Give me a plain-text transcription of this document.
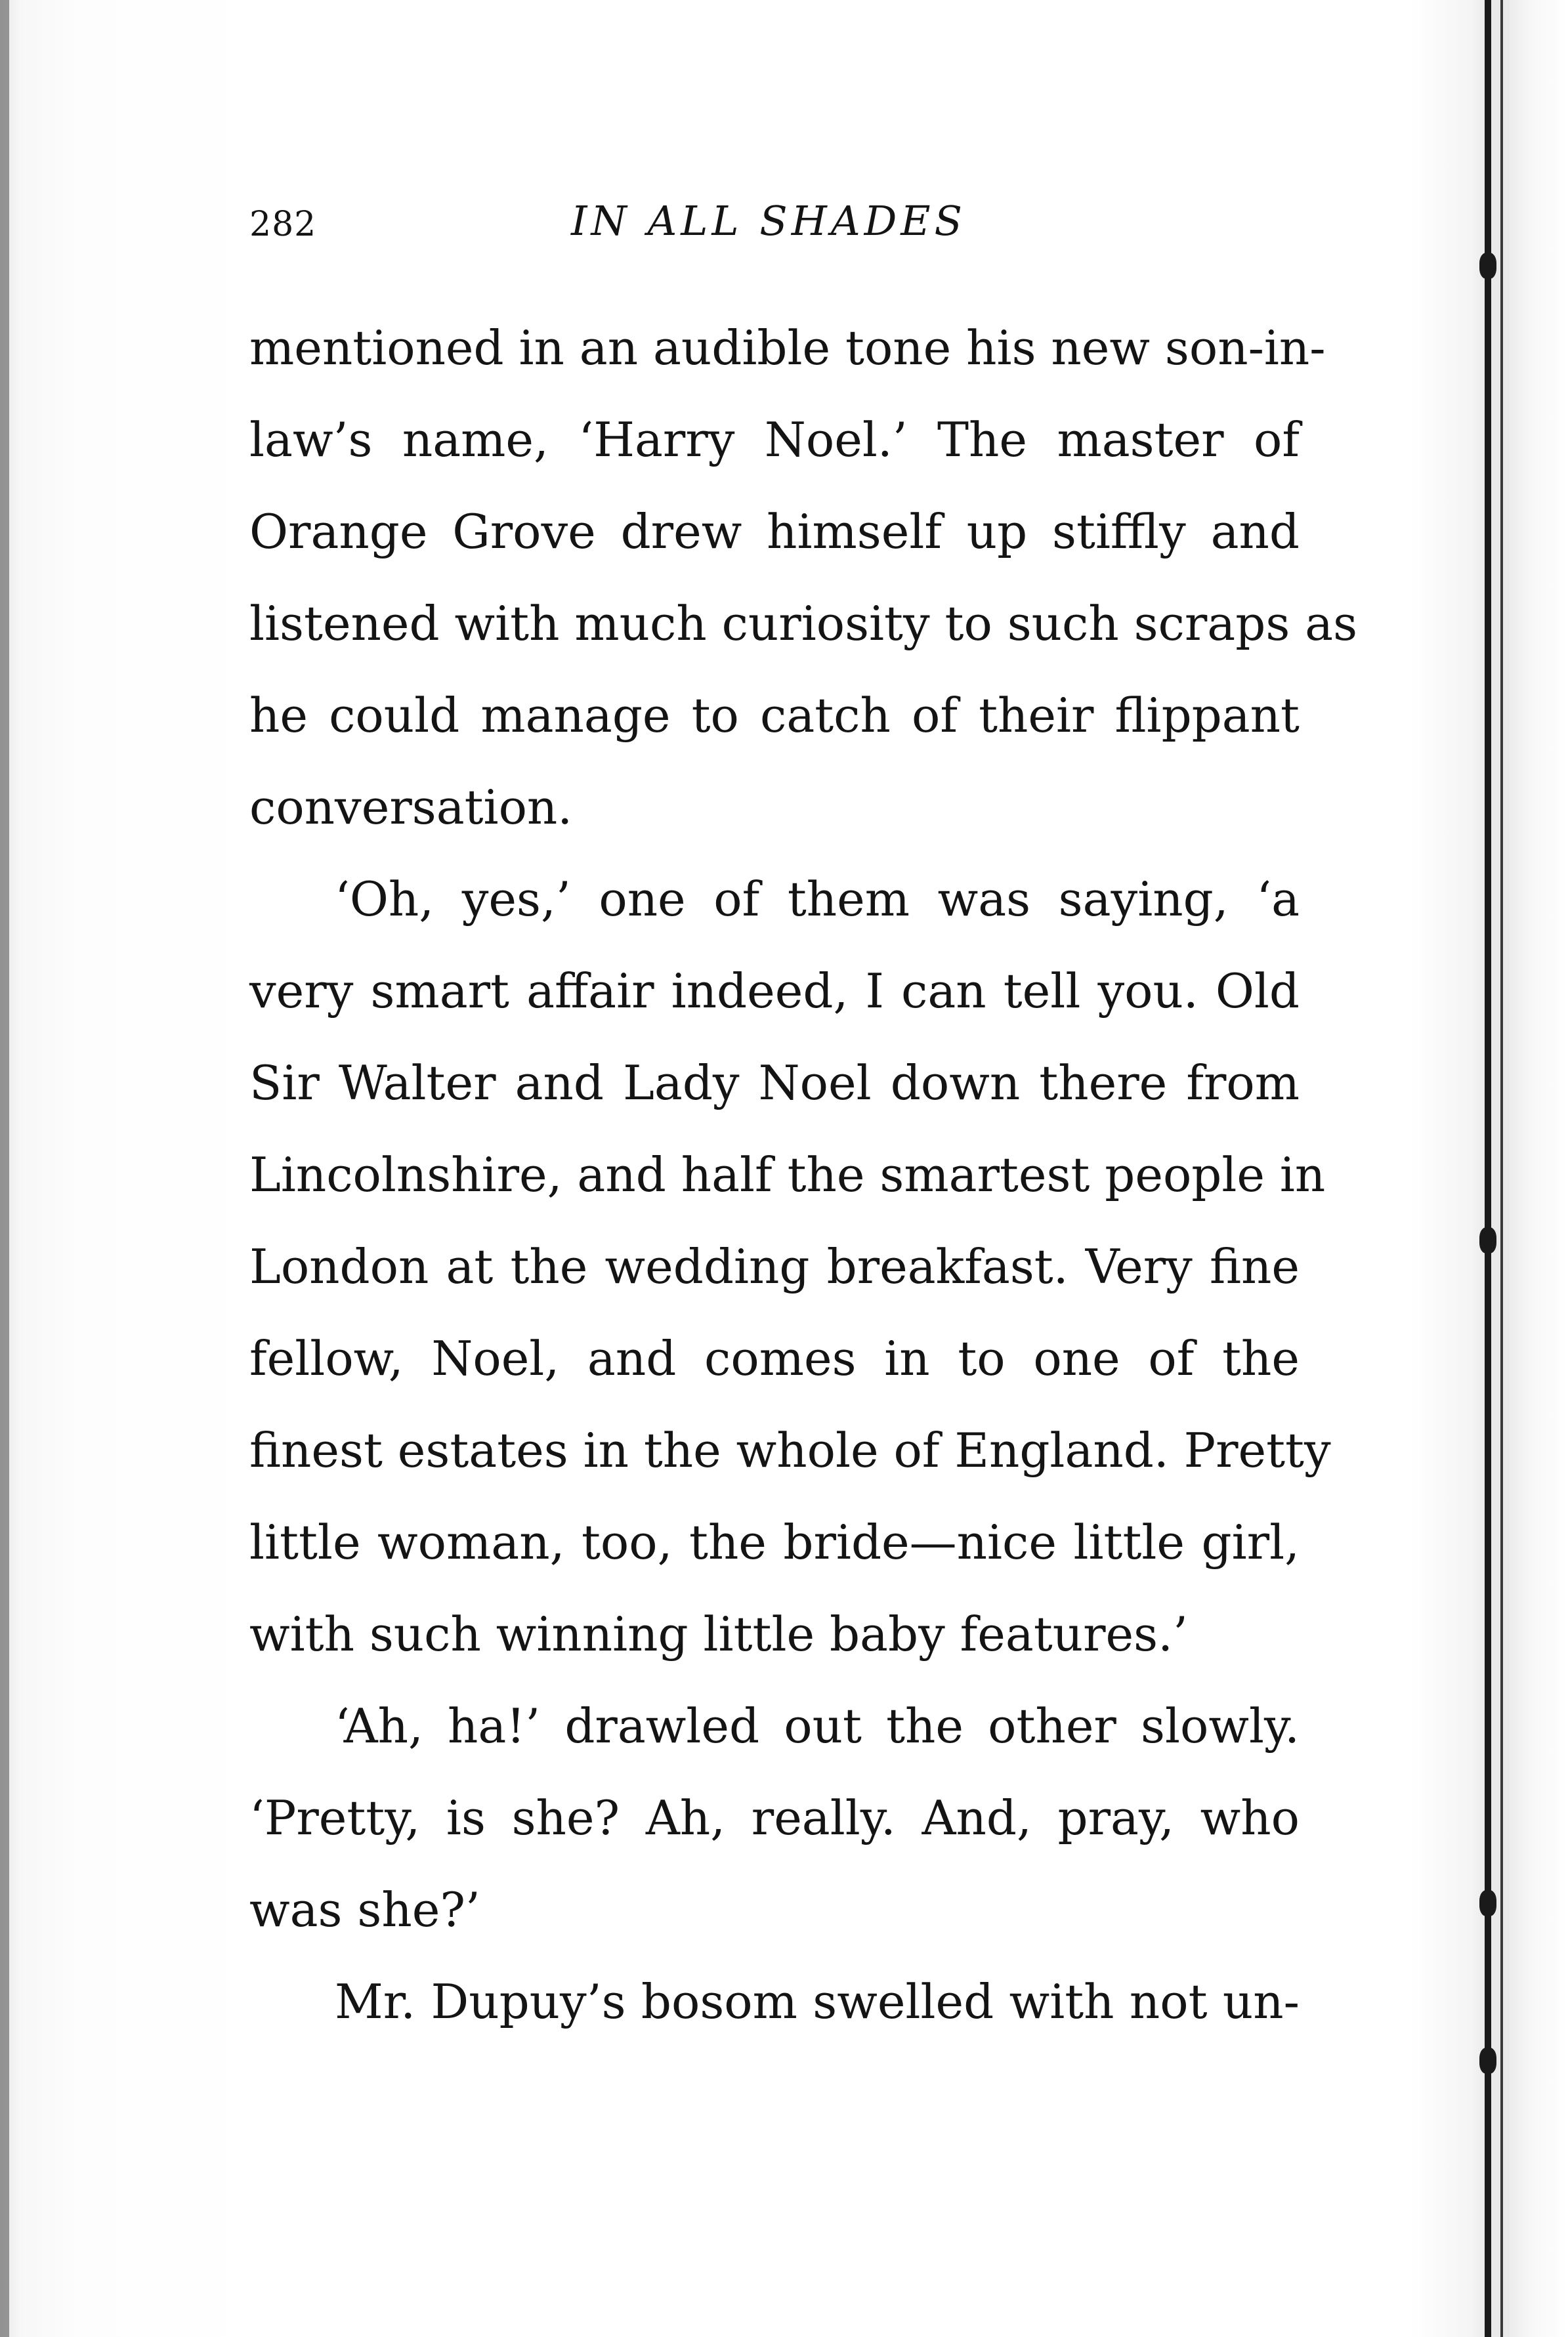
282	IN ALL SHADES
mentioned in an audible tone his new son-in-
law’s name, ‘Harry Noel.’ The master of
Orange Grove drew himself up stiffly and
listened with much curiosity to such scraps as
he could manage to catch of their flippant
conversation.
‘Oh, yes,’ one of them was saying, ‘a
very smart affair indeed, I can tell you. Old
Sir Walter and Lady Noel down there from
Lincolnshire, and half the smartest people in
London at the wedding breakfast. Very fine
fellow, Noel, and comes in to one of the
finest estates in the whole of England. Pretty
little woman, too, the bride—nice little girl,
with such winning little baby features.’
‘Ah, ha!’ drawled out the other slowly.
‘Pretty, is she? Ah, really. And, pray, who
was she?’
Mr. Dupuy’s bosom swelled with not un-
